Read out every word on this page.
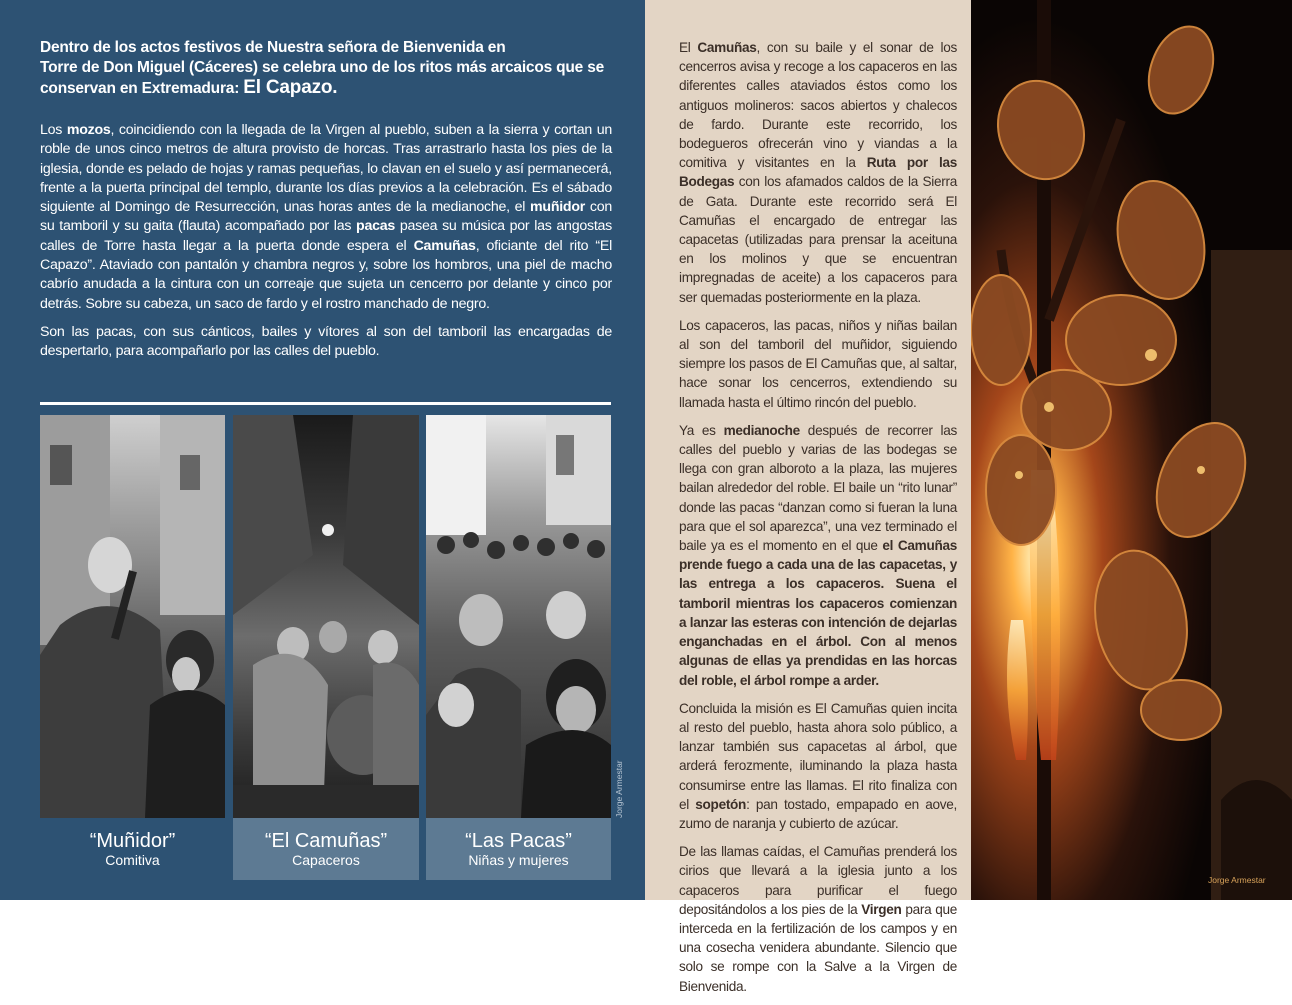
Dentro de los actos festivos de Nuestra señora de Bienvenida en
Torre de Don Miguel (Cáceres) se celebra uno de los ritos más arcaicos que se
conservan en Extremadura: El Capazo.

Los mozos, coincidiendo con la llegada de la Virgen al pueblo, suben a la sierra y cortan un roble de unos cinco metros de altura provisto de horcas. Tras arrastrarlo hasta los pies de la iglesia, donde es pelado de hojas y ramas pequeñas, lo clavan en el suelo y así permanecerá, frente a la puerta principal del templo, durante los días previos a la celebración. Es el sábado siguiente al Domingo de Resurrección, unas horas antes de la medianoche, el muñidor con su tamboril y su gaita (flauta) acompañado por las pacas pasea su música por las angostas calles de Torre hasta llegar a la puerta donde espera el Camuñas, oficiante del rito “El Capazo”. Ataviado con pantalón y chambra negros y, sobre los hombros, una piel de macho cabrío anudada a la cintura con un correaje que sujeta un cencerro por delante y cinco por detrás. Sobre su cabeza, un saco de fardo y el rostro manchado de negro.

Son las pacas, con sus cánticos, bailes y vítores al son del tamboril las encargadas de despertarlo, para acompañarlo por las calles del pueblo.

Jorge Armestar
“Muñidor”
Comitiva
“El Camuñas”
Capaceros
“Las Pacas”
Niñas y mujeres

El Camuñas, con su baile y el sonar de los cencerros avisa y recoge a los capaceros en las diferentes calles ataviados éstos como los antiguos molineros: sacos abiertos y chalecos de fardo. Durante este recorrido, los bodegueros ofrecerán vino y viandas a la comitiva y visitantes en la Ruta por las Bodegas con los afamados caldos de la Sierra de Gata. Durante este recorrido será El Camuñas el encargado de entregar las capacetas (utilizadas para prensar la aceituna en los molinos y que se encuentran impregnadas de aceite) a los capaceros para ser quemadas posteriormente en la plaza.

Los capaceros, las pacas, niños y niñas bailan al son del tamboril del muñidor, siguiendo siempre los pasos de El Camuñas que, al saltar, hace sonar los cencerros, extendiendo su llamada hasta el último rincón del pueblo.

Ya es medianoche después de recorrer las calles del pueblo y varias de las bodegas se llega con gran alboroto a la plaza, las mujeres bailan alrededor del roble. El baile un “rito lunar” donde las pacas “danzan como si fueran la luna para que el sol aparezca”, una vez terminado el baile ya es el momento en el que el Camuñas prende fuego a cada una de las capacetas, y las entrega a los capaceros. Suena el tamboril mientras los capaceros comienzan a lanzar las esteras con intención de dejarlas enganchadas en el árbol. Con al menos algunas de ellas ya prendidas en las horcas del roble, el árbol rompe a arder.

Concluida la misión es El Camuñas quien incita al resto del pueblo, hasta ahora solo público, a lanzar también sus capacetas al árbol, que arderá ferozmente, iluminando la plaza hasta consumirse entre las llamas. El rito finaliza con el sopetón: pan tostado, empapado en aove, zumo de naranja y cubierto de azúcar.

De las llamas caídas, el Camuñas prenderá los cirios que llevará a la iglesia junto a los capaceros para purificar el fuego depositándolos a los pies de la Virgen para que interceda en la fertilización de los campos y en una cosecha venidera abundante. Silencio que solo se rompe con la Salve a la Virgen de Bienvenida.

Jorge Armestar
